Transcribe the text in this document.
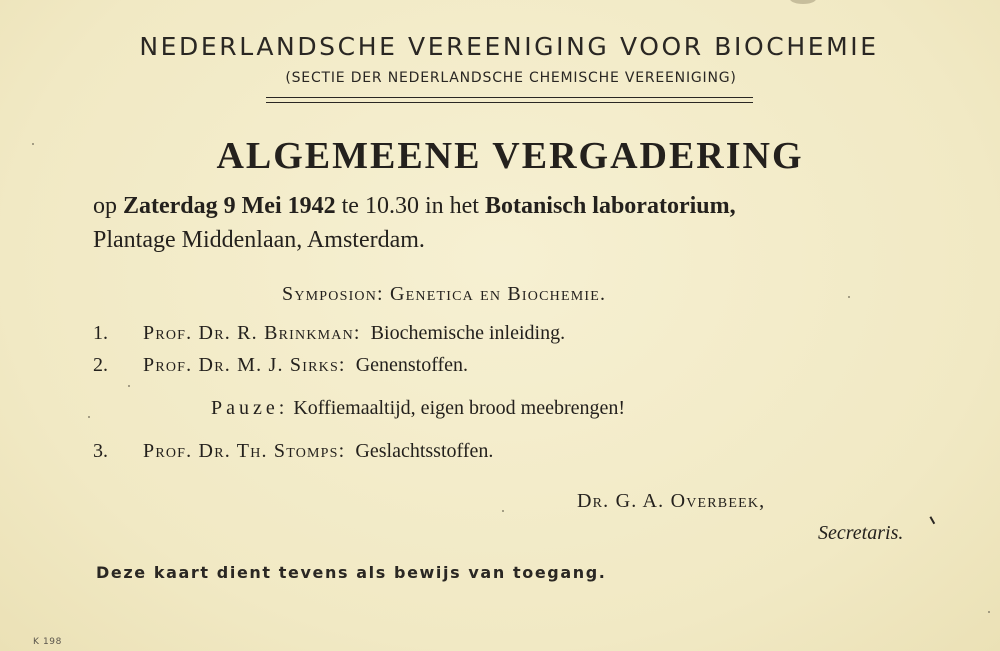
NEDERLANDSCHE VEREENIGING VOOR BIOCHEMIE
(SECTIE DER NEDERLANDSCHE CHEMISCHE VEREENIGING)
ALGEMEENE VERGADERING
op Zaterdag 9 Mei 1942 te 10.30 in het Botanisch laboratorium,
Plantage Middenlaan, Amsterdam.
Symposion: Genetica en Biochemie.
1. Prof. Dr. R. Brinkman: Biochemische inleiding.
2. Prof. Dr. M. J. Sirks: Genenstoffen.
Pauze: Koffiemaaltijd, eigen brood meebrengen!
3. Prof. Dr. Th. Stomps: Geslachtsstoffen.
Dr. G. A. Overbeek,
Secretaris.
Deze kaart dient tevens als bewijs van toegang.
K 198
